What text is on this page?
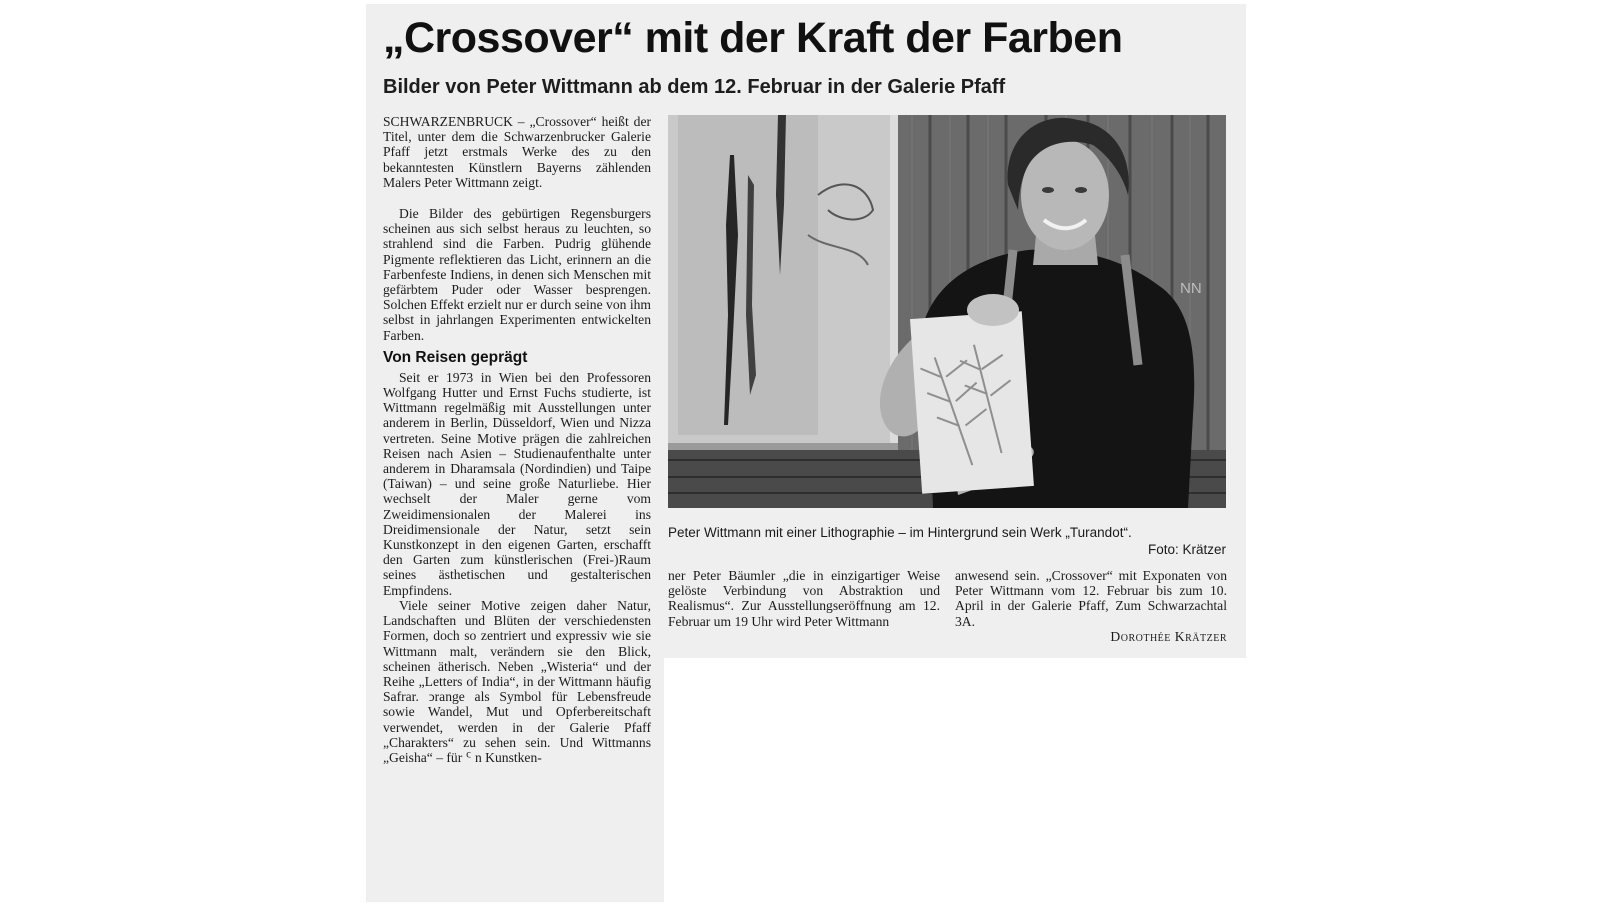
„Crossover“ mit der Kraft der Farben
Bilder von Peter Wittmann ab dem 12. Februar in der Galerie Pfaff

SCHWARZENBRUCK – „Crossover“ heißt der Titel, unter dem die Schwarzenbrucker Galerie Pfaff jetzt erstmals Werke des zu den bekanntesten Künstlern Bayerns zählenden Malers Peter Wittmann zeigt.

Die Bilder des gebürtigen Regensburgers scheinen aus sich selbst heraus zu leuchten, so strahlend sind die Farben. Pudrig glühende Pigmente reflektieren das Licht, erinnern an die Farbenfeste Indiens, in denen sich Menschen mit gefärbtem Puder oder Wasser besprengen. Solchen Effekt erzielt nur er durch seine von ihm selbst in jahrlangen Experimenten entwickelten Farben.

Von Reisen geprägt

Seit er 1973 in Wien bei den Professoren Wolfgang Hutter und Ernst Fuchs studierte, ist Wittmann regelmäßig mit Ausstellungen unter anderem in Berlin, Düsseldorf, Wien und Nizza vertreten. Seine Motive prägen die zahlreichen Reisen nach Asien – Studienaufenthalte unter anderem in Dharamsala (Nordindien) und Taipe (Taiwan) – und seine große Naturliebe. Hier wechselt der Maler gerne vom Zweidimensionalen der Malerei ins Dreidimensionale der Natur, setzt sein Kunstkonzept in den eigenen Garten, erschafft den Garten zum künstlerischen (Frei-)Raum seines ästhetischen und gestalterischen Empfindens.

Viele seiner Motive zeigen daher Natur, Landschaften und Blüten der verschiedensten Formen, doch so zentriert und expressiv wie sie Wittmann malt, verändern sie den Blick, scheinen ätherisch. Neben „Wisteria“ und der Reihe „Letters of India“, in der Wittmann häufig Safrar. ↄrange als Symbol für Lebensfreude sowie Wandel, Mut und Opferbereitschaft verwendet, werden in der Galerie Pfaff „Charakters“ zu sehen sein. Und Wittmanns „Geisha“ – für ᑦ n Kunstken-

NN
Peter Wittmann mit einer Lithographie – im Hintergrund sein Werk „Turandot“.
Foto: Krätzer

ner Peter Bäumler „die in einzigartiger Weise gelöste Verbindung von Abstraktion und Realismus“. Zur Ausstellungseröffnung am 12. Februar um 19 Uhr wird Peter Wittmann

anwesend sein. „Crossover“ mit Exponaten von Peter Wittmann vom 12. Februar bis zum 10. April in der Galerie Pfaff, Zum Schwarzachtal 3A.

Dorothée Krätzer
